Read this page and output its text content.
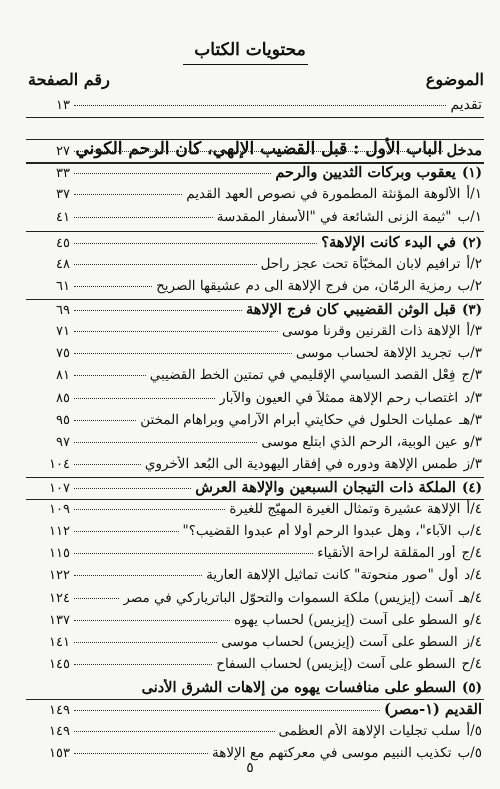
محتويات الكتاب
الموضوع
رقم الصفحة
تقديم
١٣
الباب الأول : قبل القضيب الإلهي، كان الرحم الكوني مدخل
٢٧
(١)
يعقوب وبركات الثديين والرحم
٣٣
١/أ
الألوهة المؤنثة المطمورة في نصوص العهد القديم
٣٧
١/ب
ثيمة الزنى الشائعة في "الأسفار المقدسة"
٤١
(٢)
في البدء كانت الإلاهة؟
٤٥
٢/أ
ترافيم لابان المخبّأة تحت عجز راحل
٤٨
٢/ب
رمزية الرمّان، من فرج الإلاهة الى دم عشيقها الصريح
٦١
(٣)
قبل الوثن القضيبي كان فرج الإلاهة
٦٩
٣/أ
الإلاهة ذات القرنين وقرنا موسى
٧١
٣/ب
تجريد الإلاهة لحساب موسى
٧٥
٣/ج
فِعْل القصد السياسي الإقليمي في تمتين الخط القضيبي
٨١
٣/د
اغتصاب رحم الإلاهة ممثلاً في العيون والآبار
٨٥
٣/هـ
عمليات الحلول في حكايتي أبرام الآرامي وبراهام المختن
٩٥
٣/و
عين الوبية، الرحم الذي ابتلع موسى
٩٧
٣/ز
طمس الإلاهة ودوره في إفقار اليهودية الى البُعد الأخروي
١٠٤
(٤)
الملكة ذات التيجان السبعين والإلاهة العرش
١٠٧
٤/أ
الإلاهة عشيرة وتمثال الغيرة المهيّج للغيرة
١٠٩
٤/ب
"الآباء"، وهل عبدوا الرحم أولا أم عبدوا القضيب؟
١١٢
٤/ج
أور المقلقة لراحة الأنقياء
١١٥
٤/د
أول "صور منحوتة" كانت تماثيل الإلاهة العارية
١٢٢
٤/هـ
آست (إيزيس) ملكة السموات والتحوّل الباترياركي في مصر
١٢٤
٤/و
السطو على آست (إيزيس) لحساب يهوه
١٣٧
٤/ز
السطو على آست (إيزيس) لحساب موسى
١٤١
٤/ح
السطو على آست (إيزيس) لحساب السفاح
١٤٥
(٥)
السطو على منافسات يهوه من إلاهات الشرق الأدنى
القديم (١-مصر)
١٤٩
٥/أ
سلب تجليات الإلاهة الأم العظمى
١٤٩
٥/ب
تكذيب النبيم موسى في معركتهم مع الإلاهة
١٥٣
٥
